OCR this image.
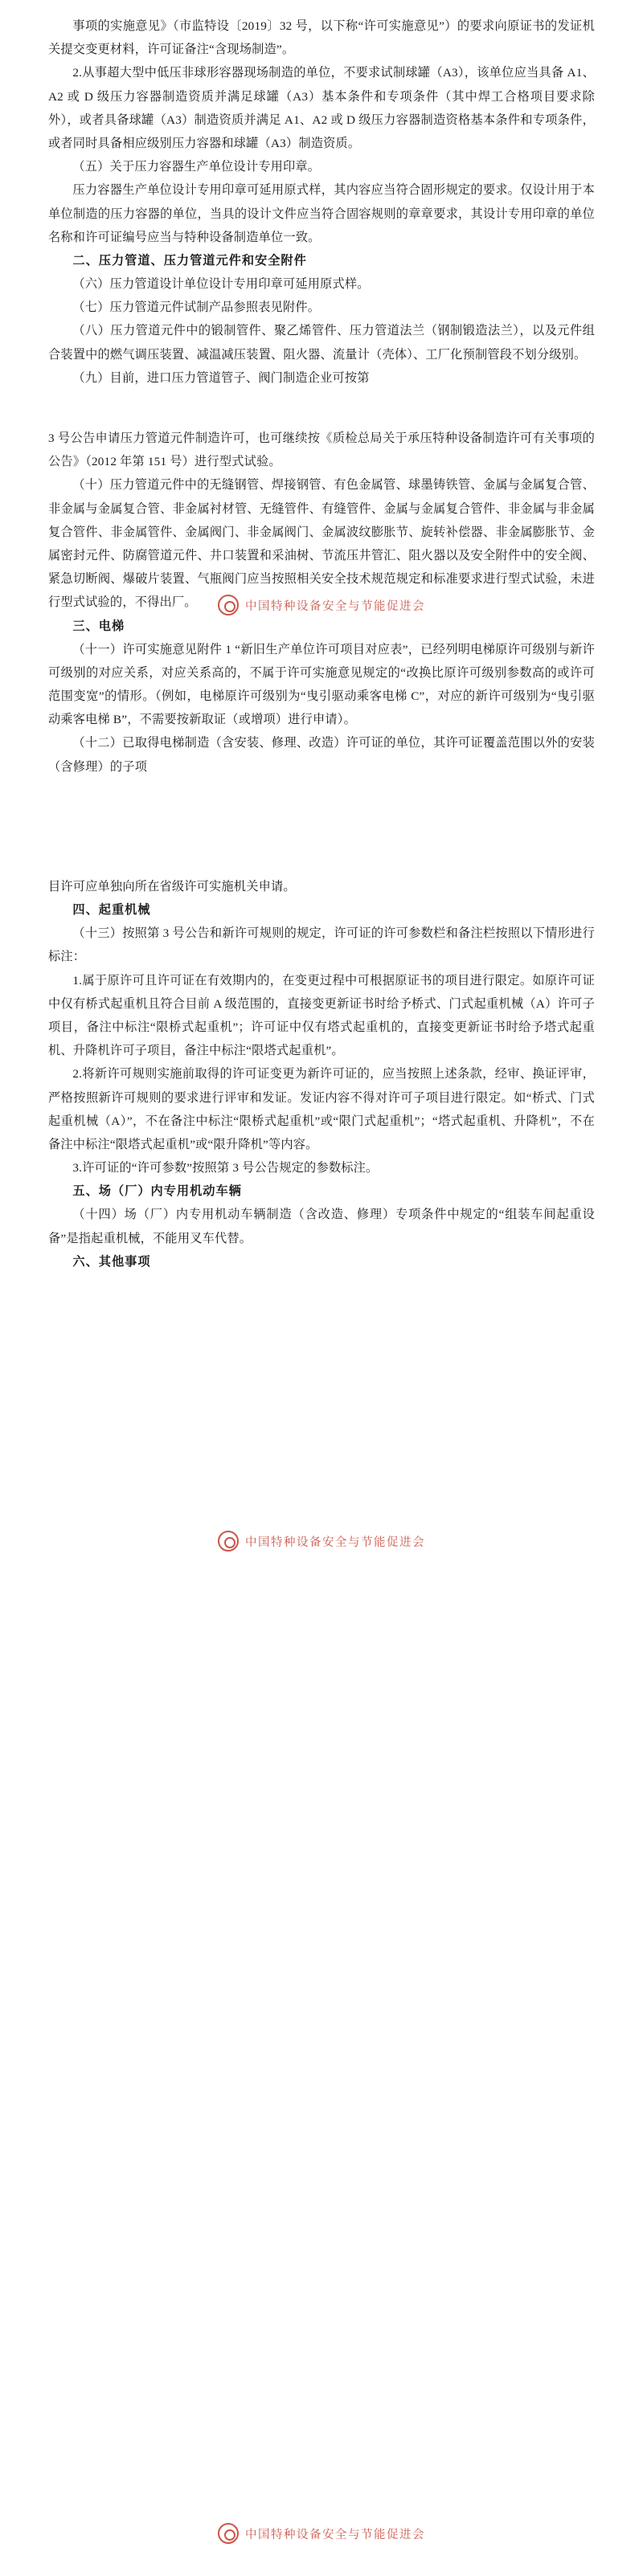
事项的实施意见》（市监特设〔2019〕32 号，以下称“许可实施意见”）的要求向原证书的发证机关提交变更材料，许可证备注“含现场制造”。

2.从事超大型中低压非球形容器现场制造的单位，不要求试制球罐（A3），该单位应当具备 A1、A2 或 D 级压力容器制造资质并满足球罐（A3）基本条件和专项条件（其中焊工合格项目要求除外），或者具备球罐（A3）制造资质并满足 A1、A2 或 D 级压力容器制造资格基本条件和专项条件，或者同时具备相应级别压力容器和球罐（A3）制造资质。

（五）关于压力容器生产单位设计专用印章。

压力容器生产单位设计专用印章可延用原式样，其内容应当符合固形规定的要求。仅设计用于本单位制造的压力容器的单位，当具的设计文件应当符合固容规则的章章要求，其设计专用印章的单位名称和许可证编号应当与特种设备制造单位一致。

二、压力管道、压力管道元件和安全附件

（六）压力管道设计单位设计专用印章可延用原式样。

（七）压力管道元件试制产品参照表见附件。

（八）压力管道元件中的锻制管件、聚乙烯管件、压力管道法兰（钢制锻造法兰），以及元件组合装置中的燃气调压装置、减温减压装置、阻火器、流量计（壳体）、工厂化预制管段不划分级别。

（九）目前，进口压力管道管子、阀门制造企业可按第

3 号公告申请压力管道元件制造许可，也可继续按《质检总局关于承压特种设备制造许可有关事项的公告》（2012 年第 151 号）进行型式试验。

（十）压力管道元件中的无缝钢管、焊接钢管、有色金属管、球墨铸铁管、金属与金属复合管、非金属与金属复合管、非金属衬材管、无缝管件、有缝管件、金属与金属复合管件、非金属与非金属复合管件、非金属管件、金属阀门、非金属阀门、金属波纹膨胀节、旋转补偿器、非金属膨胀节、金属密封元件、防腐管道元件、井口装置和采油树、节流压井管汇、阻火器以及安全附件中的安全阀、紧急切断阀、爆破片装置、气瓶阀门应当按照相关安全技术规范规定和标准要求进行型式试验，未进行型式试验的，不得出厂。

三、电梯

（十一）许可实施意见附件 1 “新旧生产单位许可项目对应表”，已经列明电梯原许可级别与新许可级别的对应关系，对应关系高的，不属于许可实施意见规定的“改换比原许可级别参数高的或许可范围变宽”的情形。（例如，电梯原许可级别为“曳引驱动乘客电梯 C”，对应的新许可级别为“曳引驱动乘客电梯 B”，不需要按新取证（或增项）进行申请）。

（十二）已取得电梯制造（含安装、修理、改造）许可证的单位，其许可证覆盖范围以外的安装（含修理）的子项

目许可应单独向所在省级许可实施机关申请。

四、起重机械

（十三）按照第 3 号公告和新许可规则的规定，许可证的许可参数栏和备注栏按照以下情形进行标注：

1.属于原许可且许可证在有效期内的，在变更过程中可根据原证书的项目进行限定。如原许可证中仅有桥式起重机且符合目前 A 级范围的，直接变更新证书时给予桥式、门式起重机械（A）许可子项目，备注中标注“限桥式起重机”；许可证中仅有塔式起重机的，直接变更新证书时给予塔式起重机、升降机许可子项目，备注中标注“限塔式起重机”。

2.将新许可规则实施前取得的许可证变更为新许可证的，应当按照上述条款，经审、换证评审，严格按照新许可规则的要求进行评审和发证。发证内容不得对许可子项目进行限定。如“桥式、门式起重机械（A）”，不在备注中标注“限桥式起重机”或“限门式起重机”；“塔式起重机、升降机”，不在备注中标注“限塔式起重机”或“限升降机”等内容。

3.许可证的“许可参数”按照第 3 号公告规定的参数标注。

五、场（厂）内专用机动车辆

（十四）场（厂）内专用机动车辆制造（含改造、修理）专项条件中规定的“组装车间起重设备”是指起重机械，不能用叉车代替。

六、其他事项

中国特种设备安全与节能促进会
中国特种设备安全与节能促进会
中国特种设备安全与节能促进会
